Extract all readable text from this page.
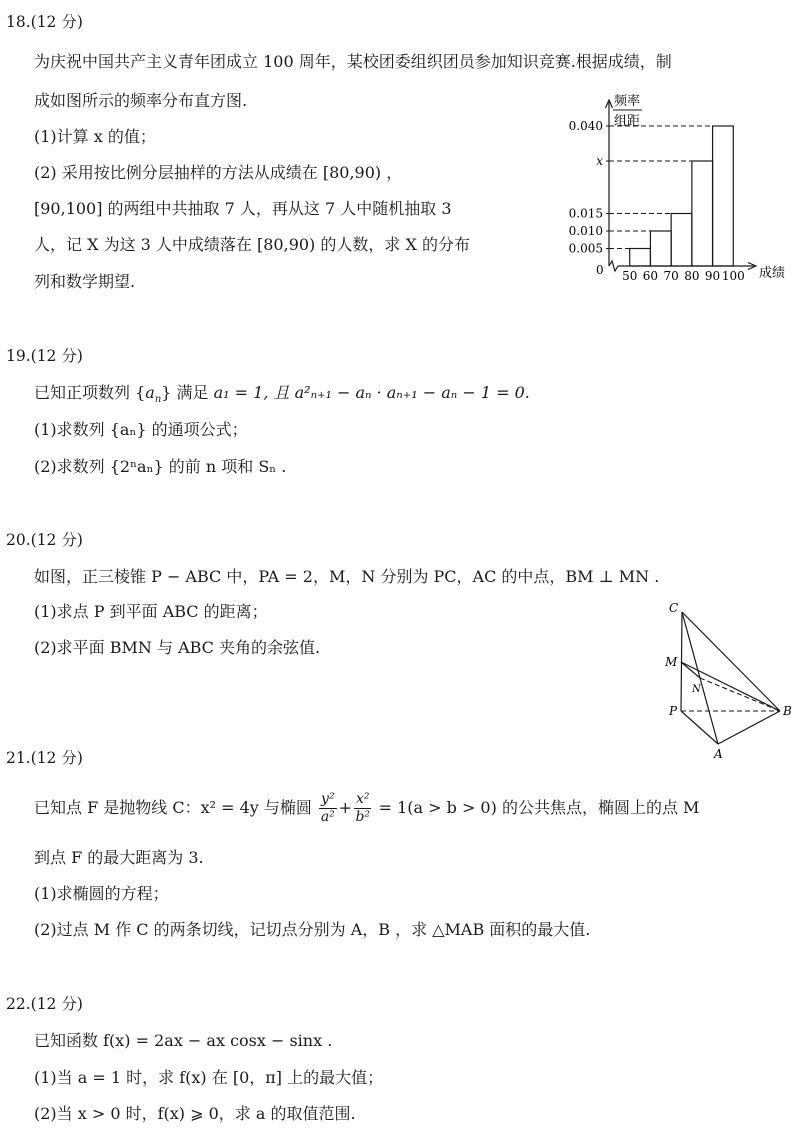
18.(12 分)
为庆祝中国共产主义青年团成立 100 周年，某校团委组织团员参加知识竞赛.根据成绩，制
成如图所示的频率分布直方图.
(1)计算 x 的值；
(2) 采用按比例分层抽样的方法从成绩在 [80,90) ，
[90,100] 的两组中共抽取 7 人，再从这 7 人中随机抽取 3
人，记 X 为这 3 人中成绩落在 [80,90) 的人数，求 X 的分布
列和数学期望.
频率
组距
成绩
0
0.040
x
0.015
0.010
0.005
50 60 70 80 90 100
19.(12 分)
已知正项数列 $\{a_n\}$ 满足 a₁ = 1, 且 a²ₙ₊₁ − aₙ · aₙ₊₁ − aₙ − 1 = 0.
(1)求数列 {aₙ} 的通项公式；
(2)求数列 {2ⁿaₙ} 的前 n 项和 Sₙ .
20.(12 分)
如图，正三棱锥 P − ABC 中，PA = 2，M，N 分别为 PC，AC 的中点，BM ⊥ MN .
(1)求点 P 到平面 ABC 的距离；
(2)求平面 BMN 与 ABC 夹角的余弦值.
C
M
N
P	B
A
21.(12 分)
已知点 F 是抛物线 C：x² = 4y 与椭圆 $\frac{\text{y²}}{\text{a²}} + \frac{\text{x²}}{\text{b²}} = 1(a > b > 0)$ 的公共焦点，椭圆上的点 M
到点 F 的最大距离为 3.
(1)求椭圆的方程；
(2)过点 M 作 C 的两条切线，记切点分别为 A，B ，求 △MAB 面积的最大值.
22.(12 分)
已知函数 f(x) = 2ax − ax cosx − sinx .
(1)当 a = 1 时，求 f(x) 在 [0，π] 上的最大值；
(2)当 x > 0 时，f(x) ⩾ 0，求 a 的取值范围.
